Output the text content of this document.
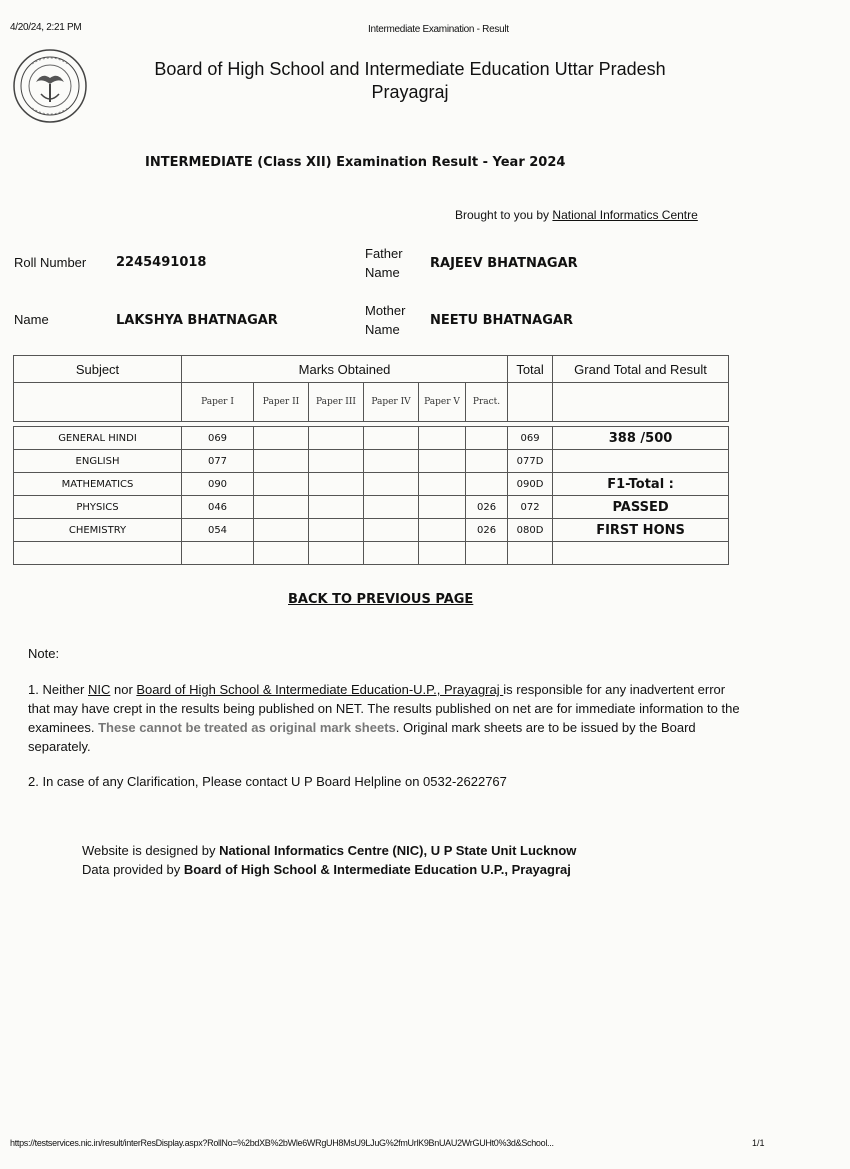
4/20/24, 2:21 PM	Intermediate Examination - Result
Board of High School and Intermediate Education Uttar Pradesh
Prayagraj
INTERMEDIATE (Class XII) Examination Result - Year 2024
Brought to you by National Informatics Centre
Roll Number 2245491018
Father
Name
RAJEEV BHATNAGAR
Name	LAKSHYA BHATNAGAR
Mother
Name
NEETU BHATNAGAR
Subject	Marks Obtained						Total	Grand Total and Result
	Paper I	Paper II	Paper III	Paper IV	Paper V	Pract.		

GENERAL HINDI	069						069	388 /500
ENGLISH	077						077D	
MATHEMATICS	090						090D	F1-Total :
PHYSICS	046					026	072	PASSED
CHEMISTRY	054					026	080D	FIRST HONS

BACK TO PREVIOUS PAGE
Note:
1. Neither NIC nor Board of High School & Intermediate Education-U.P., Prayagraj is responsible for any inadvertent error that may have crept in the results being published on NET. The results published on net are for immediate information to the examinees. These cannot be treated as original mark sheets. Original mark sheets are to be issued by the Board separately.
2. In case of any Clarification, Please contact U P Board Helpline on 0532-2622767
Website is designed by National Informatics Centre (NIC), U P State Unit Lucknow
Data provided by Board of High School & Intermediate Education U.P., Prayagraj
https://testservices.nic.in/result/interResDisplay.aspx?RollNo=%2bdXB%2bWle6WRgUH8MsU9LJuG%2fmUrlK9BnUAU2WrGUHt0%3d&School...	1/1
